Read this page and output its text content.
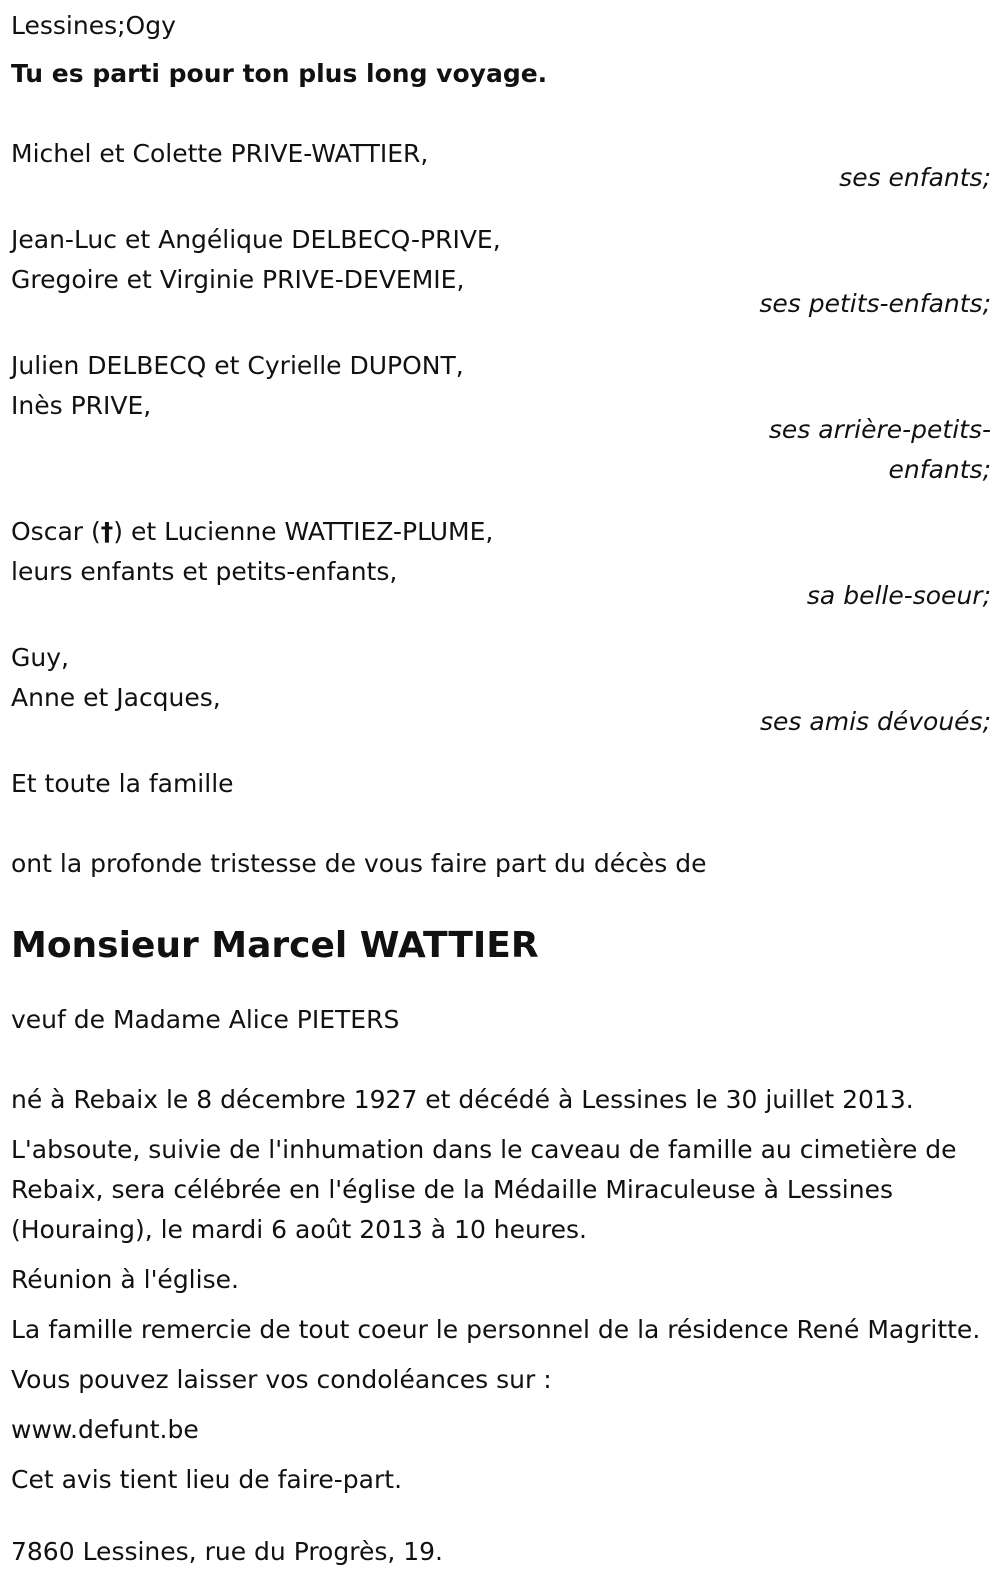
Lessines;Ogy
Tu es parti pour ton plus long voyage.
Michel et Colette PRIVE-WATTIER,
ses enfants;
Jean-Luc et Angélique DELBECQ-PRIVE,
Gregoire et Virginie PRIVE-DEVEMIE,
ses petits-enfants;
Julien DELBECQ et Cyrielle DUPONT,
Inès PRIVE,
ses arrière-petits-enfants;
Oscar (†) et Lucienne WATTIEZ-PLUME,
leurs enfants et petits-enfants,
sa belle-soeur;
Guy,
Anne et Jacques,
ses amis dévoués;
Et toute la famille
ont la profonde tristesse de vous faire part du décès de
Monsieur Marcel WATTIER
veuf de Madame Alice PIETERS
né à Rebaix le 8 décembre 1927 et décédé à Lessines le 30 juillet 2013.
L'absoute, suivie de l'inhumation dans le caveau de famille au cimetière de Rebaix, sera célébrée en l'église de la Médaille Miraculeuse à Lessines (Houraing), le mardi 6 août 2013 à 10 heures.
Réunion à l'église.
La famille remercie de tout coeur le personnel de la résidence René Magritte.
Vous pouvez laisser vos condoléances sur :
www.defunt.be
Cet avis tient lieu de faire-part.
7860 Lessines, rue du Progrès, 19.
